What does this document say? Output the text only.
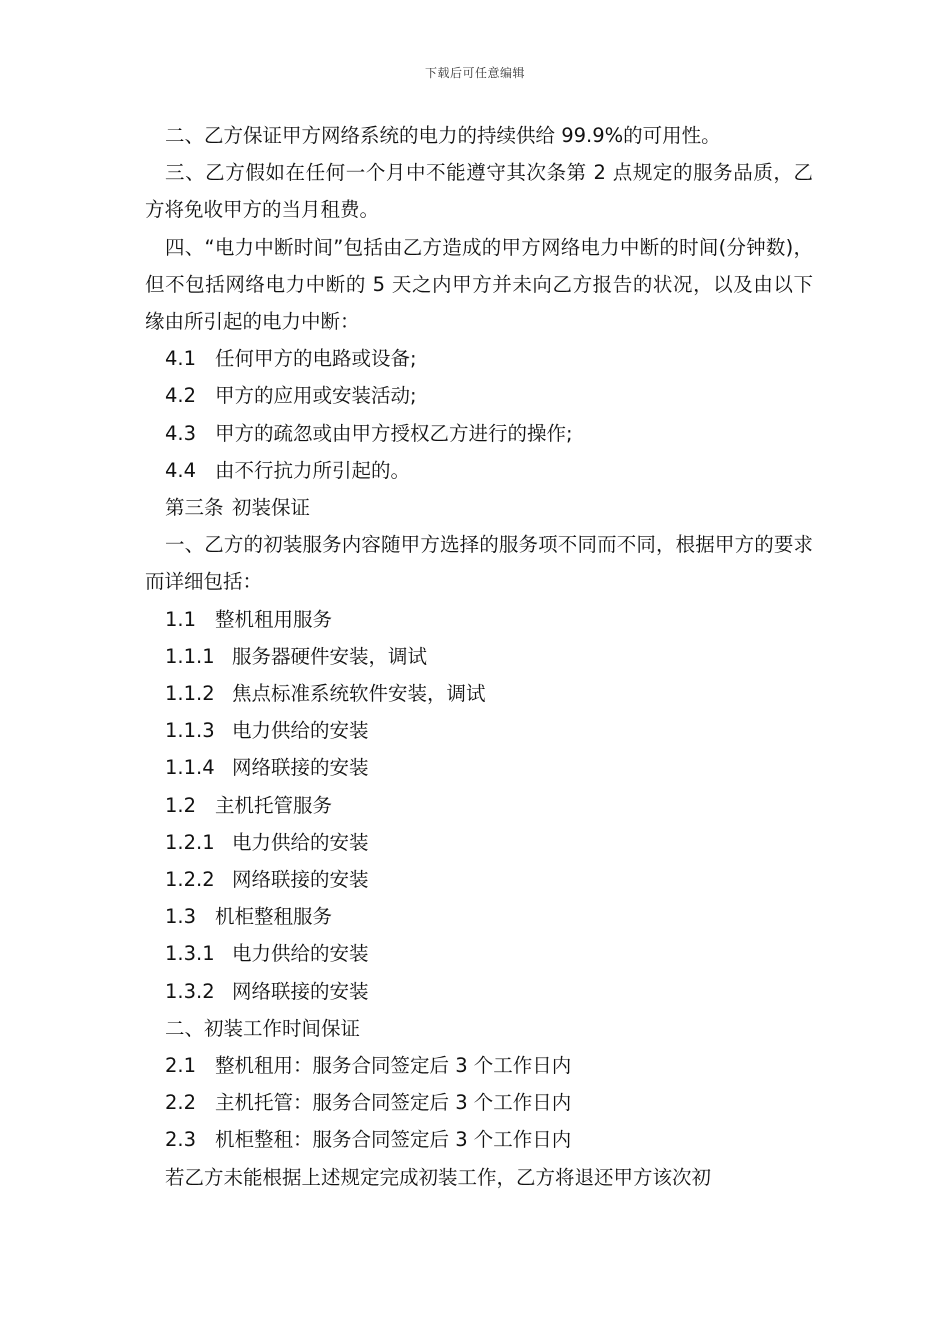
下载后可任意编辑
二、乙方保证甲方网络系统的电力的持续供给 99.9%的可用性。
三、乙方假如在任何一个月中不能遵守其次条第 2 点规定的服务品质，乙方将免收甲方的当月租费。
四、“电力中断时间”包括由乙方造成的甲方网络电力中断的时间(分钟数)，但不包括网络电力中断的 5 天之内甲方并未向乙方报告的状况，以及由以下缘由所引起的电力中断：
4.1 任何甲方的电路或设备;
4.2 甲方的应用或安装活动;
4.3 甲方的疏忽或由甲方授权乙方进行的操作;
4.4 由不行抗力所引起的。
第三条 初装保证
一、乙方的初装服务内容随甲方选择的服务项不同而不同，根据甲方的要求而详细包括：
1.1 整机租用服务
1.1.1 服务器硬件安装，调试
1.1.2 焦点标准系统软件安装，调试
1.1.3 电力供给的安装
1.1.4 网络联接的安装
1.2 主机托管服务
1.2.1 电力供给的安装
1.2.2 网络联接的安装
1.3 机柜整租服务
1.3.1 电力供给的安装
1.3.2 网络联接的安装
二、初装工作时间保证
2.1 整机租用：服务合同签定后 3 个工作日内
2.2 主机托管：服务合同签定后 3 个工作日内
2.3 机柜整租：服务合同签定后 3 个工作日内
若乙方未能根据上述规定完成初装工作，乙方将退还甲方该次初
